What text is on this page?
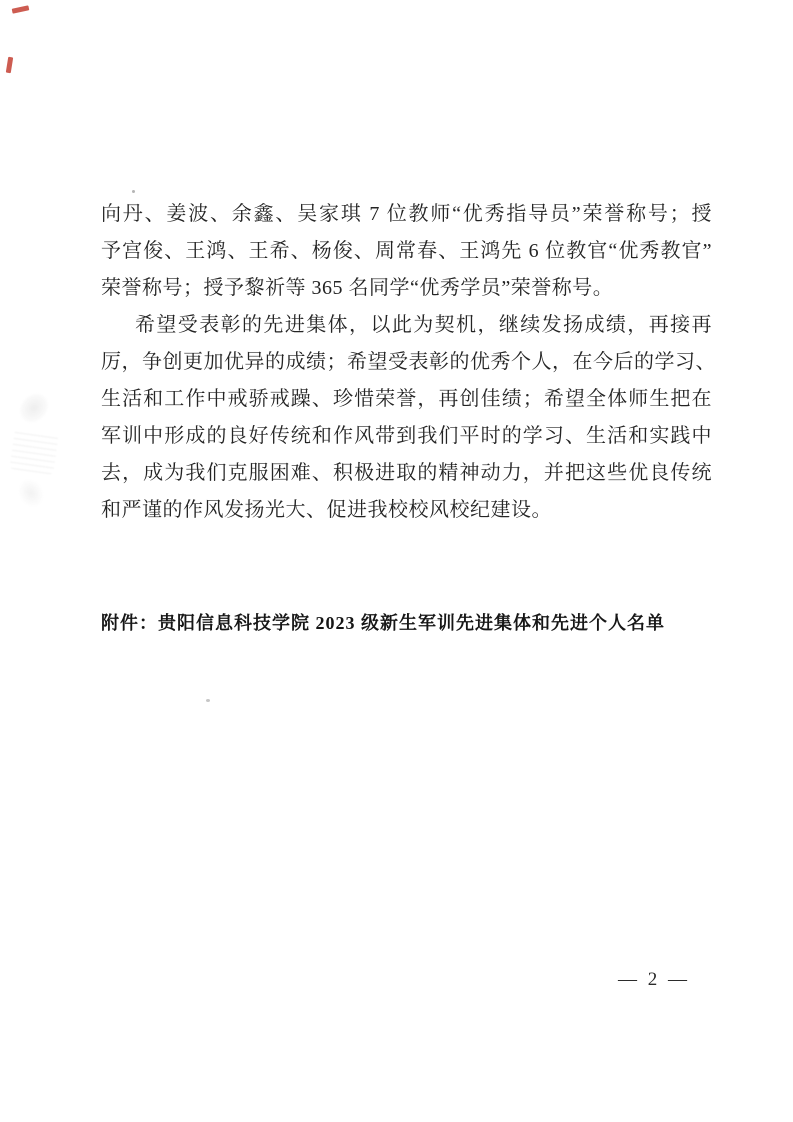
向丹、姜波、余鑫、吴家琪 7 位教师“优秀指导员”荣誉称号；授
予宫俊、王鸿、王希、杨俊、周常春、王鸿先 6 位教官“优秀教官”
荣誉称号；授予黎祈等 365 名同学“优秀学员”荣誉称号。
希望受表彰的先进集体，以此为契机，继续发扬成绩，再接再
厉，争创更加优异的成绩；希望受表彰的优秀个人，在今后的学习、
生活和工作中戒骄戒躁、珍惜荣誉，再创佳绩；希望全体师生把在
军训中形成的良好传统和作风带到我们平时的学习、生活和实践中
去，成为我们克服困难、积极进取的精神动力，并把这些优良传统
和严谨的作风发扬光大、促进我校校风校纪建设。
附件：贵阳信息科技学院 2023 级新生军训先进集体和先进个人名单
— 2 —
